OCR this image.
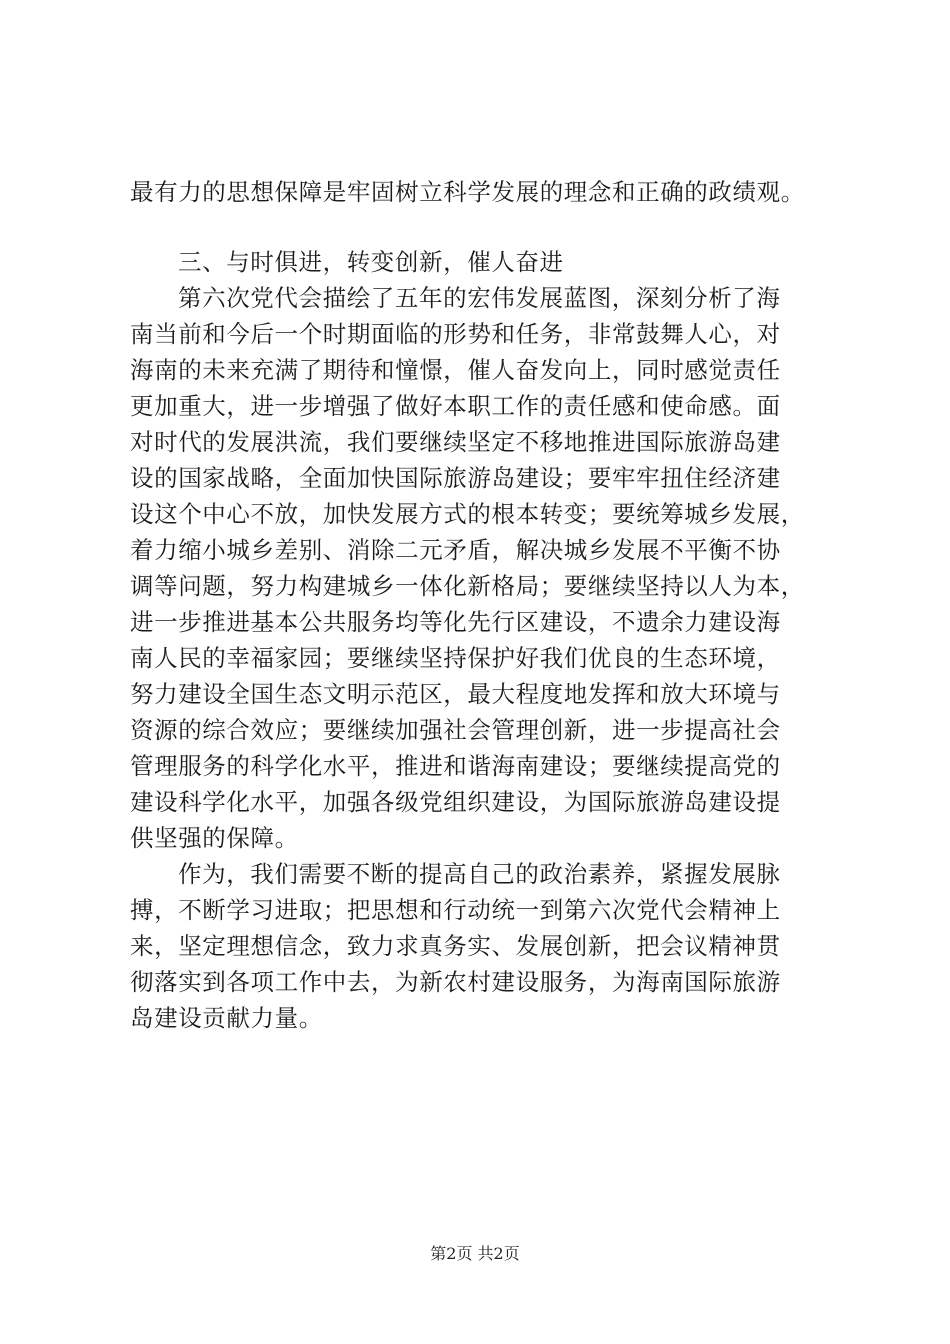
最有力的思想保障是牢固树立科学发展的理念和正确的政绩观。
三、与时俱进，转变创新，催人奋进
第六次党代会描绘了五年的宏伟发展蓝图，深刻分析了海
南当前和今后一个时期面临的形势和任务，非常鼓舞人心，对
海南的未来充满了期待和憧憬，催人奋发向上，同时感觉责任
更加重大，进一步增强了做好本职工作的责任感和使命感。面
对时代的发展洪流，我们要继续坚定不移地推进国际旅游岛建
设的国家战略，全面加快国际旅游岛建设；要牢牢扭住经济建
设这个中心不放，加快发展方式的根本转变；要统筹城乡发展，
着力缩小城乡差别、消除二元矛盾，解决城乡发展不平衡不协
调等问题，努力构建城乡一体化新格局；要继续坚持以人为本，
进一步推进基本公共服务均等化先行区建设，不遗余力建设海
南人民的幸福家园；要继续坚持保护好我们优良的生态环境，
努力建设全国生态文明示范区，最大程度地发挥和放大环境与
资源的综合效应；要继续加强社会管理创新，进一步提高社会
管理服务的科学化水平，推进和谐海南建设；要继续提高党的
建设科学化水平，加强各级党组织建设，为国际旅游岛建设提
供坚强的保障。
作为，我们需要不断的提高自己的政治素养，紧握发展脉
搏，不断学习进取；把思想和行动统一到第六次党代会精神上
来，坚定理想信念，致力求真务实、发展创新，把会议精神贯
彻落实到各项工作中去，为新农村建设服务，为海南国际旅游
岛建设贡献力量。
第2页 共2页
